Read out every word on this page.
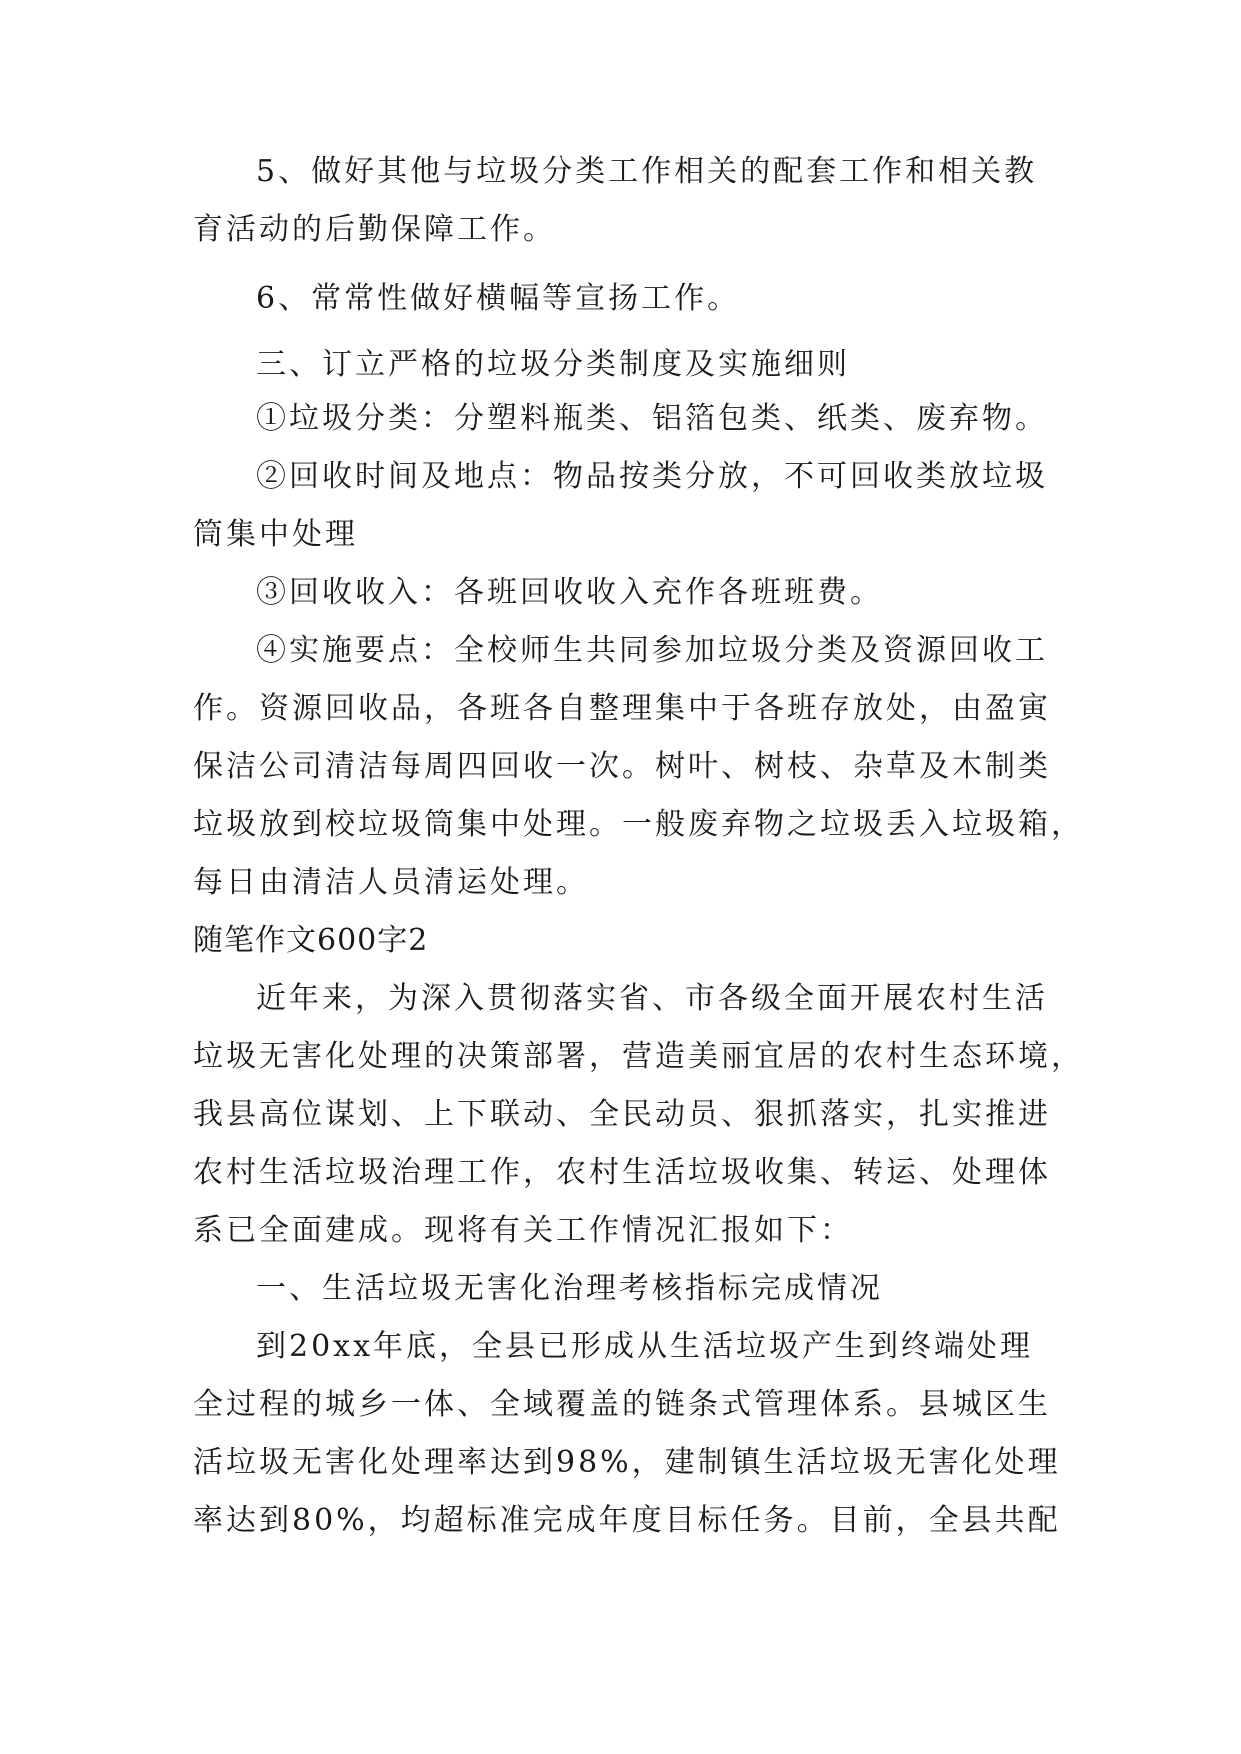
5、做好其他与垃圾分类工作相关的配套工作和相关教
育活动的后勤保障工作。
6、常常性做好横幅等宣扬工作。
三、订立严格的垃圾分类制度及实施细则
①垃圾分类：分塑料瓶类、铝箔包类、纸类、废弃物。
②回收时间及地点：物品按类分放，不可回收类放垃圾
筒集中处理
③回收收入：各班回收收入充作各班班费。
④实施要点：全校师生共同参加垃圾分类及资源回收工
作。资源回收品，各班各自整理集中于各班存放处，由盈寅
保洁公司清洁每周四回收一次。树叶、树枝、杂草及木制类
垃圾放到校垃圾筒集中处理。一般废弃物之垃圾丢入垃圾箱，
每日由清洁人员清运处理。
随笔作文600字2
近年来，为深入贯彻落实省、市各级全面开展农村生活
垃圾无害化处理的决策部署，营造美丽宜居的农村生态环境，
我县高位谋划、上下联动、全民动员、狠抓落实，扎实推进
农村生活垃圾治理工作，农村生活垃圾收集、转运、处理体
系已全面建成。现将有关工作情况汇报如下：
一、生活垃圾无害化治理考核指标完成情况
到20xx年底，全县已形成从生活垃圾产生到终端处理
全过程的城乡一体、全域覆盖的链条式管理体系。县城区生
活垃圾无害化处理率达到98%，建制镇生活垃圾无害化处理
率达到80%，均超标准完成年度目标任务。目前，全县共配
